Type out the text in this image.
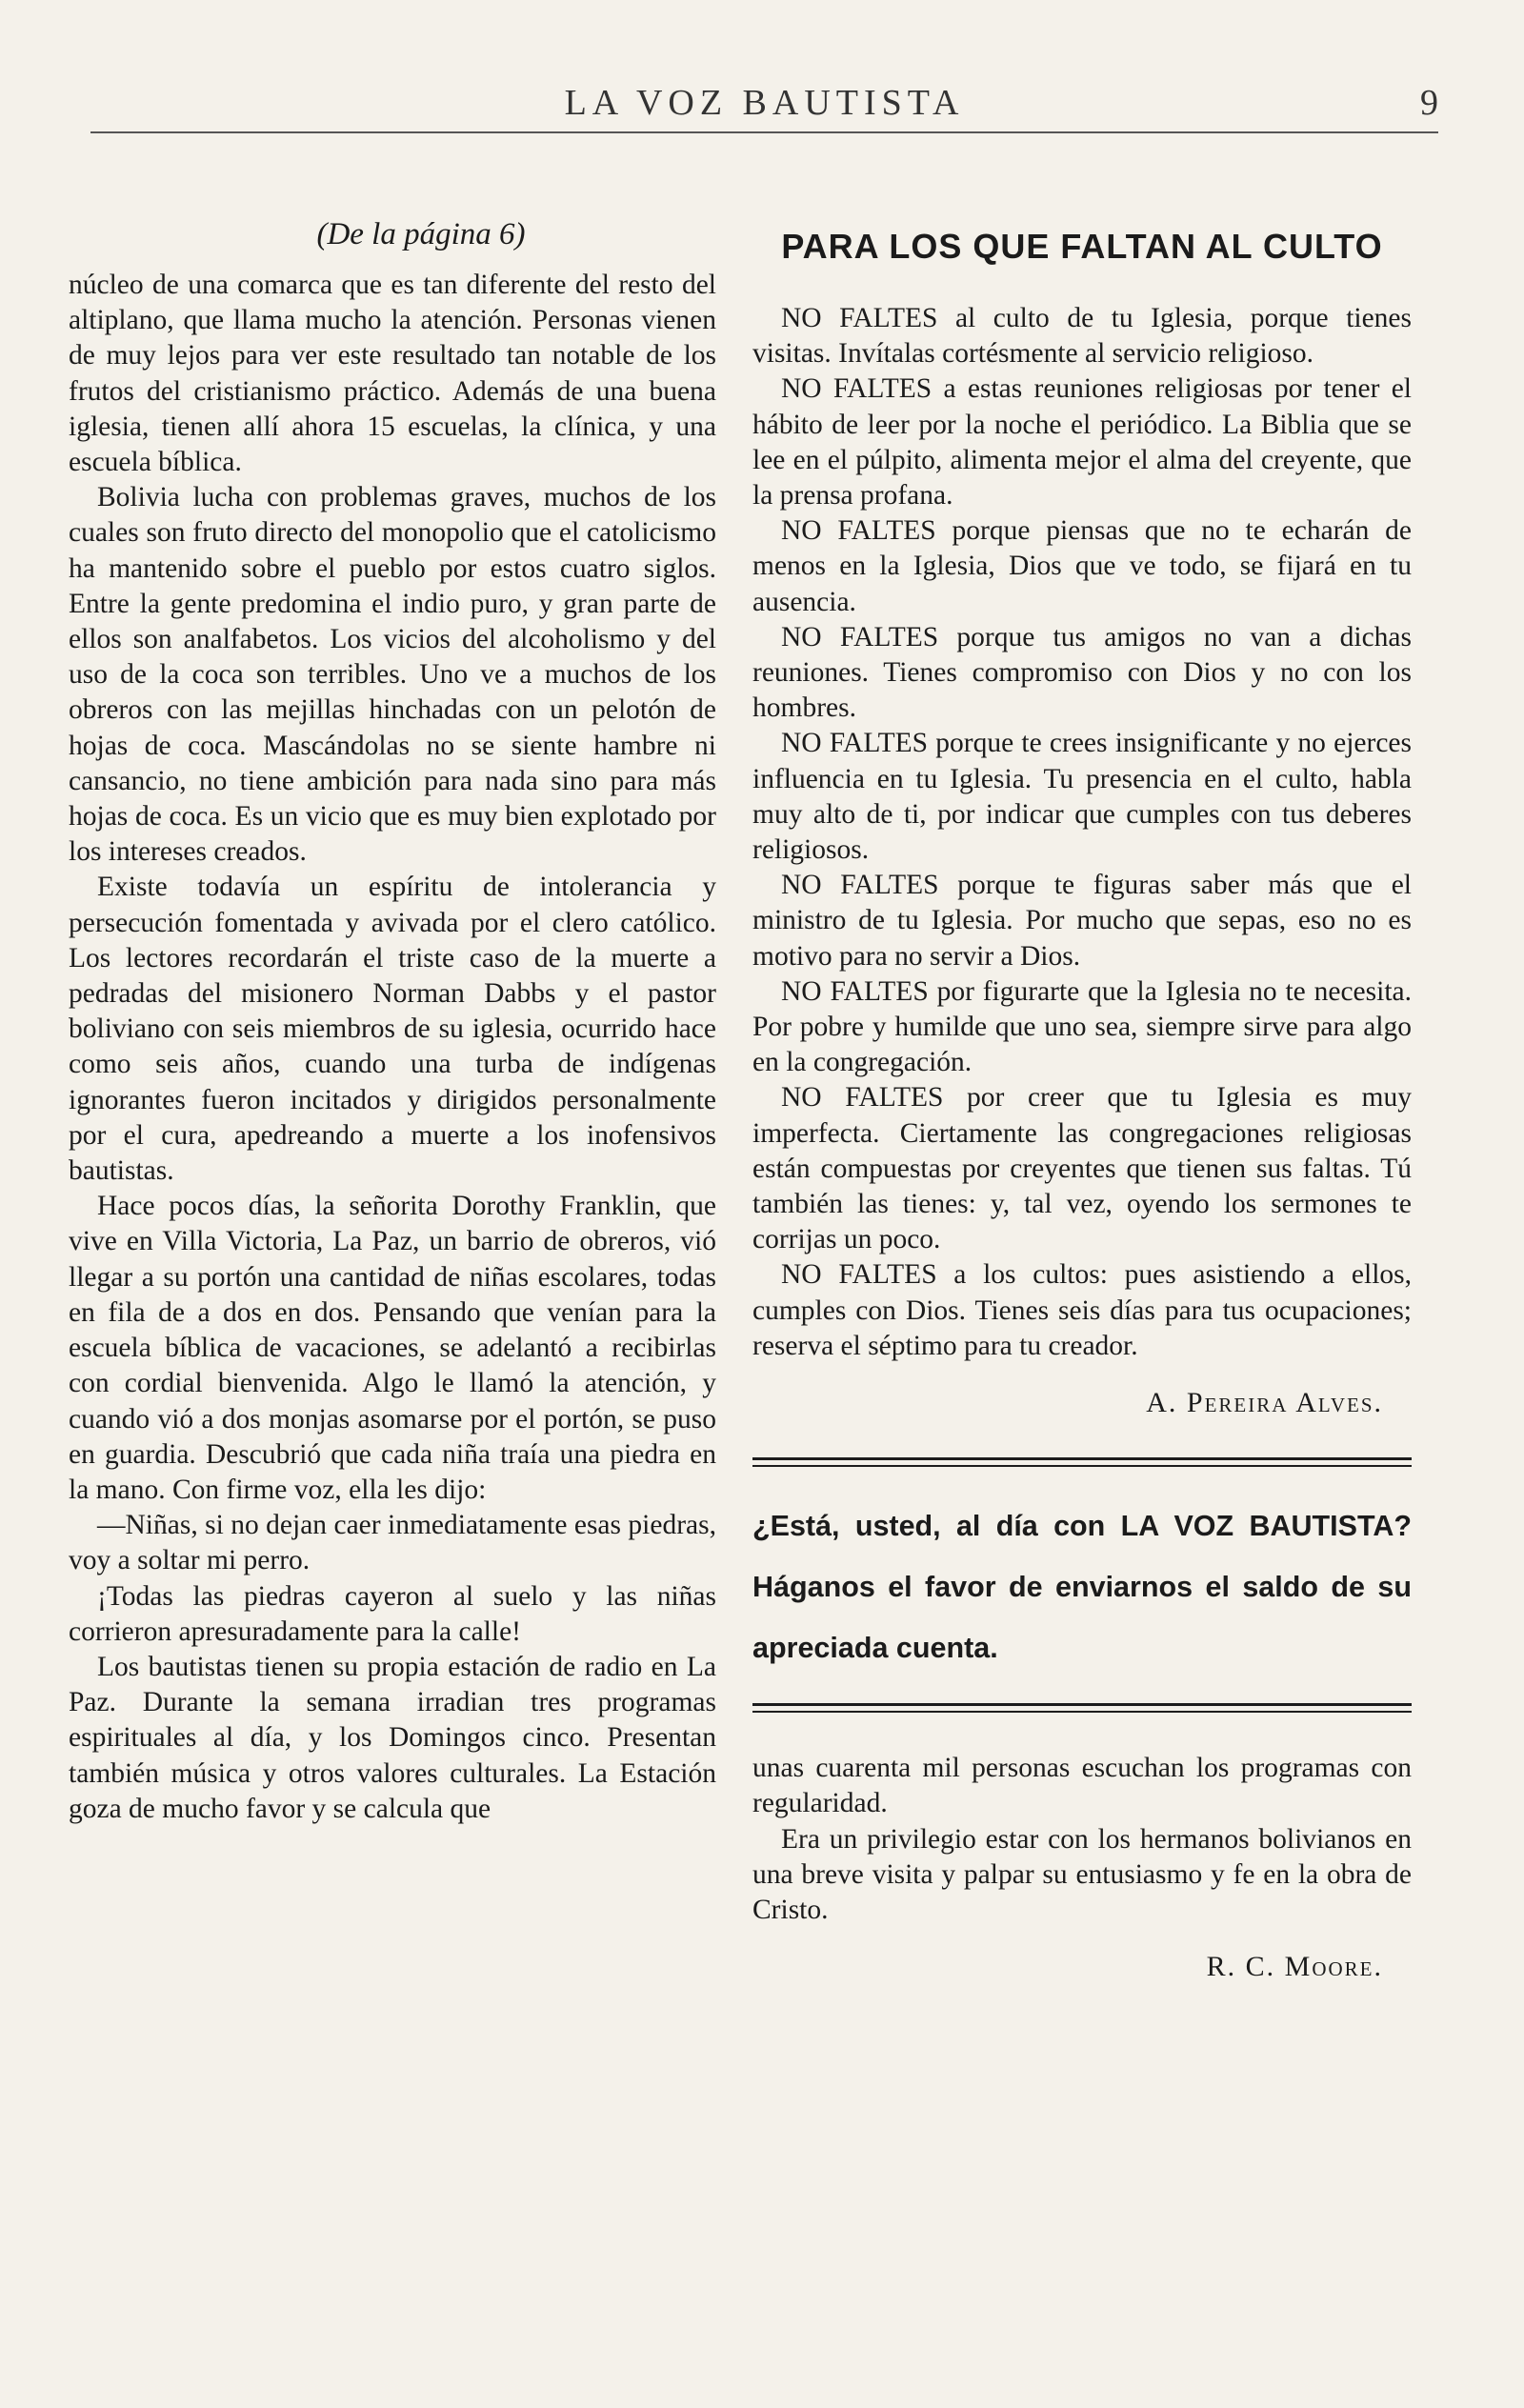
LA VOZ BAUTISTA	9
(De la página 6)

núcleo de una comarca que es tan diferente del resto del altiplano, que llama mucho la atención. Personas vienen de muy lejos para ver este resultado tan notable de los frutos del cristianismo práctico. Además de una buena iglesia, tienen allí ahora 15 escuelas, la clínica, y una escuela bíblica.

Bolivia lucha con problemas graves, muchos de los cuales son fruto directo del monopolio que el catolicismo ha mantenido sobre el pueblo por estos cuatro siglos. Entre la gente predomina el indio puro, y gran parte de ellos son analfabetos. Los vicios del alcoholismo y del uso de la coca son terribles. Uno ve a muchos de los obreros con las mejillas hinchadas con un pelotón de hojas de coca. Mascándolas no se siente hambre ni cansancio, no tiene ambición para nada sino para más hojas de coca. Es un vicio que es muy bien explotado por los intereses creados.

Existe todavía un espíritu de intolerancia y persecución fomentada y avivada por el clero católico. Los lectores recordarán el triste caso de la muerte a pedradas del misionero Norman Dabbs y el pastor boliviano con seis miembros de su iglesia, ocurrido hace como seis años, cuando una turba de indígenas ignorantes fueron incitados y dirigidos personalmente por el cura, apedreando a muerte a los inofensivos bautistas.

Hace pocos días, la señorita Dorothy Franklin, que vive en Villa Victoria, La Paz, un barrio de obreros, vió llegar a su portón una cantidad de niñas escolares, todas en fila de a dos en dos. Pensando que venían para la escuela bíblica de vacaciones, se adelantó a recibirlas con cordial bienvenida. Algo le llamó la atención, y cuando vió a dos monjas asomarse por el portón, se puso en guardia. Descubrió que cada niña traía una piedra en la mano. Con firme voz, ella les dijo:

—Niñas, si no dejan caer inmediatamente esas piedras, voy a soltar mi perro.

¡Todas las piedras cayeron al suelo y las niñas corrieron apresuradamente para la calle!

Los bautistas tienen su propia estación de radio en La Paz. Durante la semana irradian tres programas espirituales al día, y los Domingos cinco. Presentan también música y otros valores culturales. La Estación goza de mucho favor y se calcula que

PARA LOS QUE FALTAN AL CULTO

NO FALTES al culto de tu Iglesia, porque tienes visitas. Invítalas cortésmente al servicio religioso.

NO FALTES a estas reuniones religiosas por tener el hábito de leer por la noche el periódico. La Biblia que se lee en el púlpito, alimenta mejor el alma del creyente, que la prensa profana.

NO FALTES porque piensas que no te echarán de menos en la Iglesia, Dios que ve todo, se fijará en tu ausencia.

NO FALTES porque tus amigos no van a dichas reuniones. Tienes compromiso con Dios y no con los hombres.

NO FALTES porque te crees insignificante y no ejerces influencia en tu Iglesia. Tu presencia en el culto, habla muy alto de ti, por indicar que cumples con tus deberes religiosos.

NO FALTES porque te figuras saber más que el ministro de tu Iglesia. Por mucho que sepas, eso no es motivo para no servir a Dios.

NO FALTES por figurarte que la Iglesia no te necesita. Por pobre y humilde que uno sea, siempre sirve para algo en la congregación.

NO FALTES por creer que tu Iglesia es muy imperfecta. Ciertamente las congregaciones religiosas están compuestas por creyentes que tienen sus faltas. Tú también las tienes: y, tal vez, oyendo los sermones te corrijas un poco.

NO FALTES a los cultos: pues asistiendo a ellos, cumples con Dios. Tienes seis días para tus ocupaciones; reserva el séptimo para tu creador.

A. Pereira Alves.

¿Está, usted, al día con LA VOZ BAUTISTA? Háganos el favor de enviarnos el saldo de su apreciada cuenta.

unas cuarenta mil personas escuchan los programas con regularidad.

Era un privilegio estar con los hermanos bolivianos en una breve visita y palpar su entusiasmo y fe en la obra de Cristo.

R. C. Moore.
